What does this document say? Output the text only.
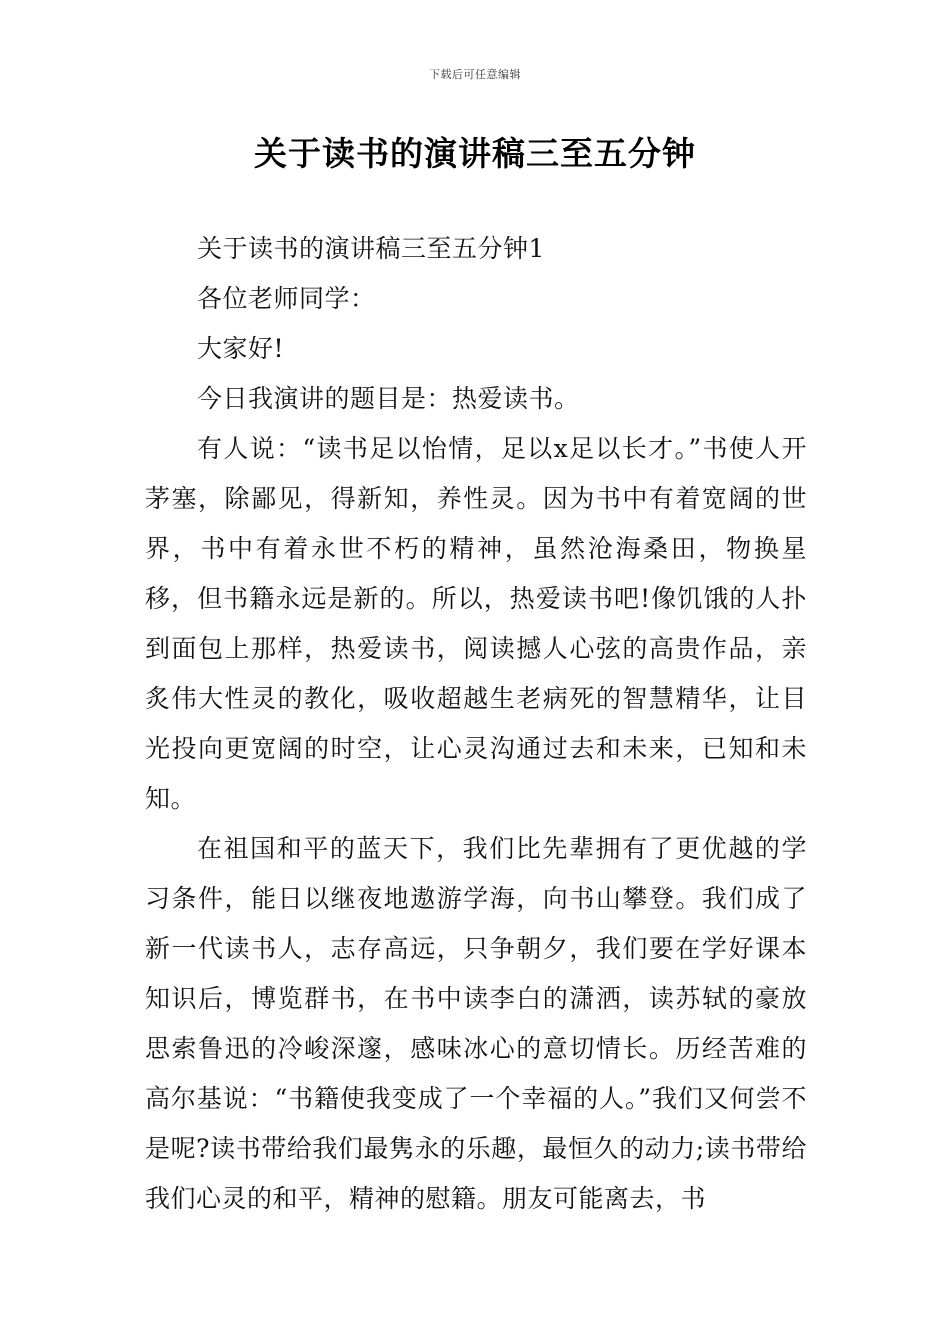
下载后可任意编辑
关于读书的演讲稿三至五分钟

关于读书的演讲稿三至五分钟1

各位老师同学：

大家好!

今日我演讲的题目是：热爱读书。

有人说：“读书足以怡情，足以x足以长才。”书使人开茅塞，除鄙见，得新知，养性灵。因为书中有着宽阔的世界，书中有着永世不朽的精神，虽然沧海桑田，物换星移，但书籍永远是新的。所以，热爱读书吧!像饥饿的人扑到面包上那样，热爱读书，阅读撼人心弦的高贵作品，亲炙伟大性灵的教化，吸收超越生老病死的智慧精华，让目光投向更宽阔的时空，让心灵沟通过去和未来，已知和未知。

在祖国和平的蓝天下，我们比先辈拥有了更优越的学习条件，能日以继夜地遨游学海，向书山攀登。我们成了新一代读书人，志存高远，只争朝夕，我们要在学好课本知识后，博览群书，在书中读李白的潇洒，读苏轼的豪放思索鲁迅的冷峻深邃，感味冰心的意切情长。历经苦难的高尔基说：“书籍使我变成了一个幸福的人。”我们又何尝不是呢?读书带给我们最隽永的乐趣，最恒久的动力;读书带给我们心灵的和平，精神的慰籍。朋友可能离去，书
